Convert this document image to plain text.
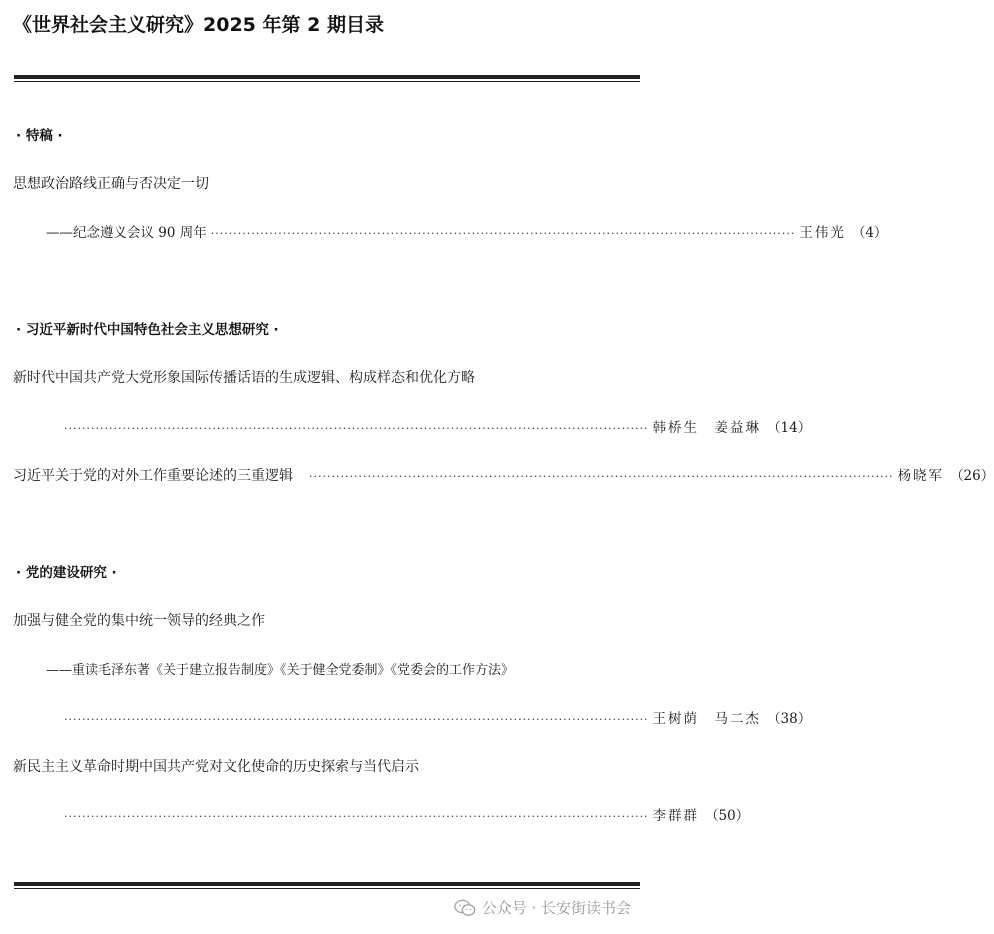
《世界社会主义研究》2025 年第 2 期目录
· 特稿 ·
思想政治路线正确与否决定一切
——纪念遵义会议 90 周年 ·································································································································· 王伟光 （4）
· 习近平新时代中国特色社会主义思想研究 ·
新时代中国共产党大党形象国际传播话语的生成逻辑、构成样态和优化方略
·································································································································· 韩桥生　姜益琳 （14）
习近平关于党的对外工作重要论述的三重逻辑 ·································································································································· 杨晓军 （26）
· 党的建设研究 ·
加强与健全党的集中统一领导的经典之作
——重读毛泽东著《关于建立报告制度》《关于健全党委制》《党委会的工作方法》
·································································································································· 王树荫　马二杰 （38）
新民主主义革命时期中国共产党对文化使命的历史探索与当代启示
·································································································································· 李群群 （50）
公众号 · 长安街读书会
